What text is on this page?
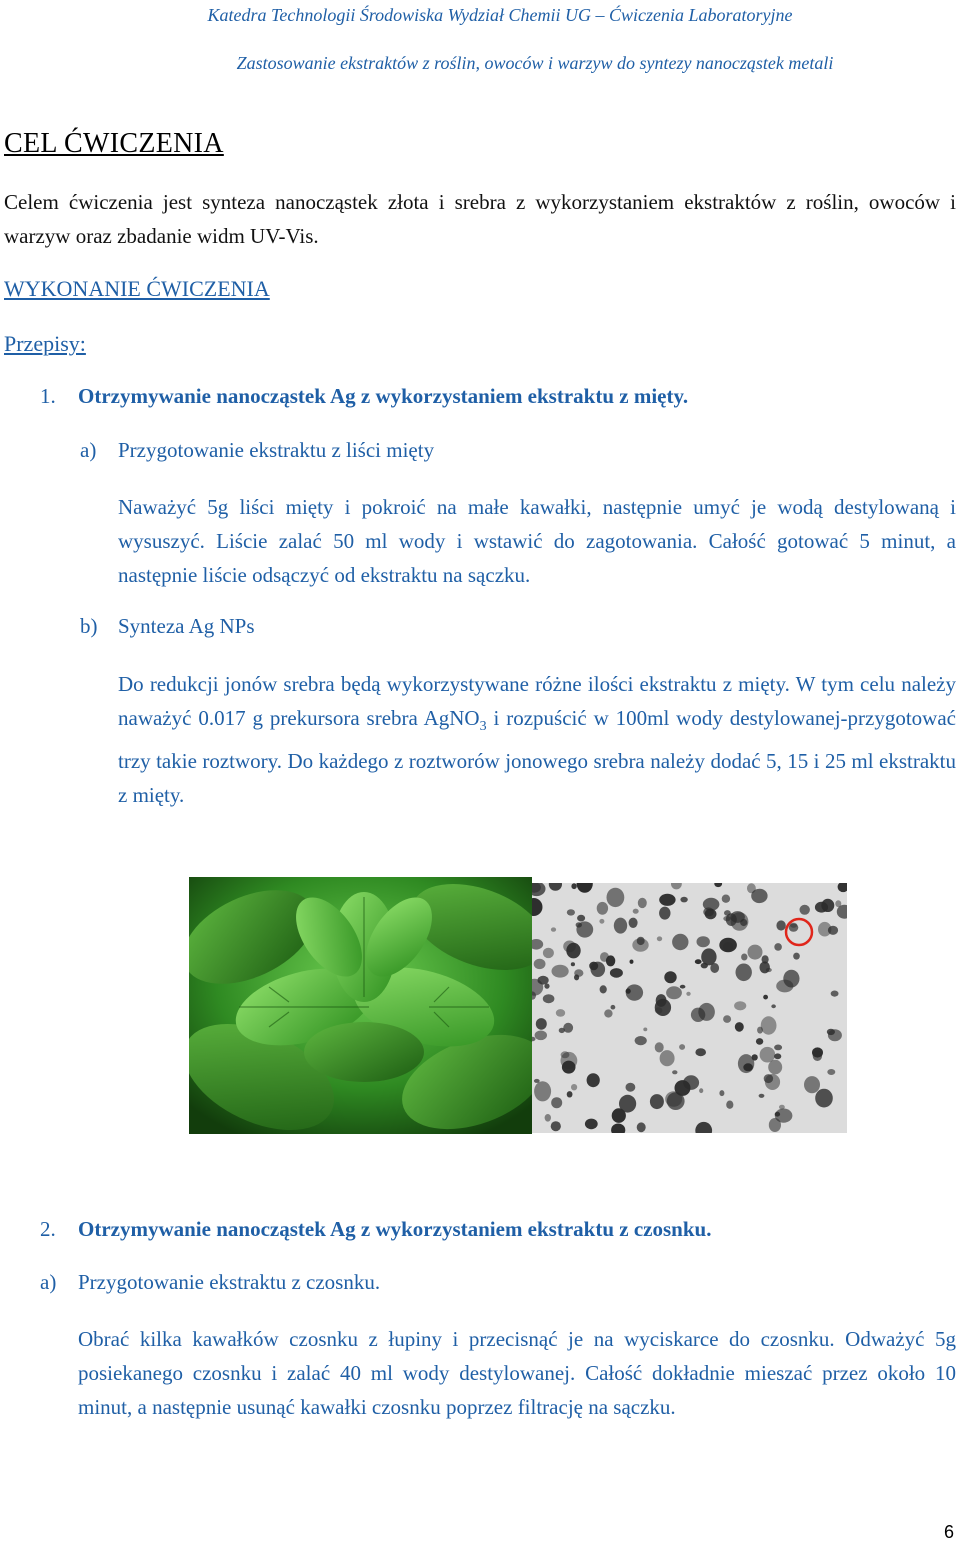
Katedra Technologii Środowiska Wydział Chemii UG – Ćwiczenia Laboratoryjne
Zastosowanie ekstraktów z roślin, owoców i warzyw do syntezy nanocząstek metali
CEL ĆWICZENIA
Celem ćwiczenia jest synteza nanocząstek złota i srebra z wykorzystaniem ekstraktów z roślin, owoców i warzyw oraz zbadanie widm UV-Vis.
WYKONANIE ĆWICZENIA
Przepisy:
1. Otrzymywanie nanocząstek Ag z wykorzystaniem ekstraktu z mięty.
a) Przygotowanie ekstraktu z liści mięty
Naważyć 5g liści mięty i pokroić na małe kawałki, następnie umyć je wodą destylowaną i wysuszyć. Liście zalać 50 ml wody i wstawić do zagotowania. Całość gotować 5 minut, a następnie liście odsączyć od ekstraktu na sączku.
b) Synteza Ag NPs
Do redukcji jonów srebra będą wykorzystywane różne ilości ekstraktu z mięty. W tym celu należy naważyć 0.017 g prekursora srebra AgNO$_3$ i rozpuścić w 100ml wody destylowanej-przygotować trzy takie roztwory. Do każdego z roztworów jonowego srebra należy dodać 5, 15 i 25 ml ekstraktu z mięty.
2. Otrzymywanie nanocząstek Ag z wykorzystaniem ekstraktu z czosnku.
a) Przygotowanie ekstraktu z czosnku.
Obrać kilka kawałków czosnku z łupiny i przecisnąć je na wyciskarce do czosnku. Odważyć 5g posiekanego czosnku i zalać 40 ml wody destylowanej. Całość dokładnie mieszać przez około 10 minut, a następnie usunąć kawałki czosnku poprzez filtrację na sączku.
6
